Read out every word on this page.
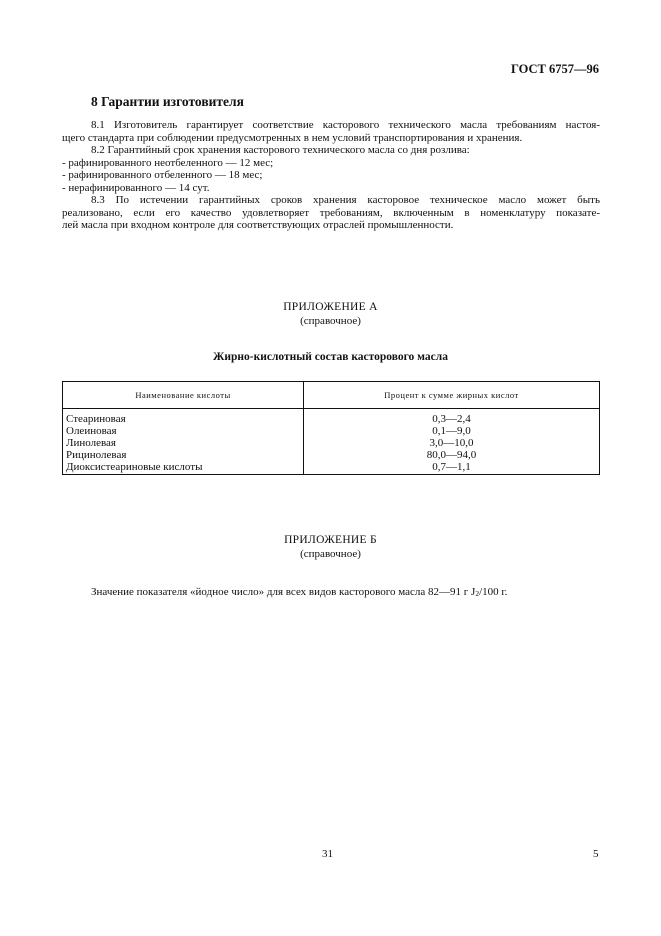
ГОСТ 6757—96
8 Гарантии изготовителя
8.1 Изготовитель гарантирует соответствие касторового технического масла требованиям настоя-
щего стандарта при соблюдении предусмотренных в нем условий транспортирования и хранения.
8.2 Гарантийный срок хранения касторового технического масла со дня розлива:
- рафинированного неотбеленного — 12 мес;
- рафинированного отбеленного — 18 мес;
- нерафинированного — 14 сут.
8.3 По истечении гарантийных сроков хранения касторовое техническое масло может быть
реализовано, если его качество удовлетворяет требованиям, включенным в номенклатуру показате-
лей масла при входном контроле для соответствующих отраслей промышленности.
ПРИЛОЖЕНИЕ А
(справочное)
Жирно-кислотный состав касторового масла
Наименование кислоты	Процент к сумме жирных кислот
Стеариновая	0,3—2,4
Олеиновая	0,1—9,0
Линолевая	3,0—10,0
Рицинолевая	80,0—94,0
Диоксистеариновые кислоты	0,7—1,1
ПРИЛОЖЕНИЕ Б
(справочное)
Значение показателя «йодное число» для всех видов касторового масла 82—91 г $J_2/100$ г.
31	5
